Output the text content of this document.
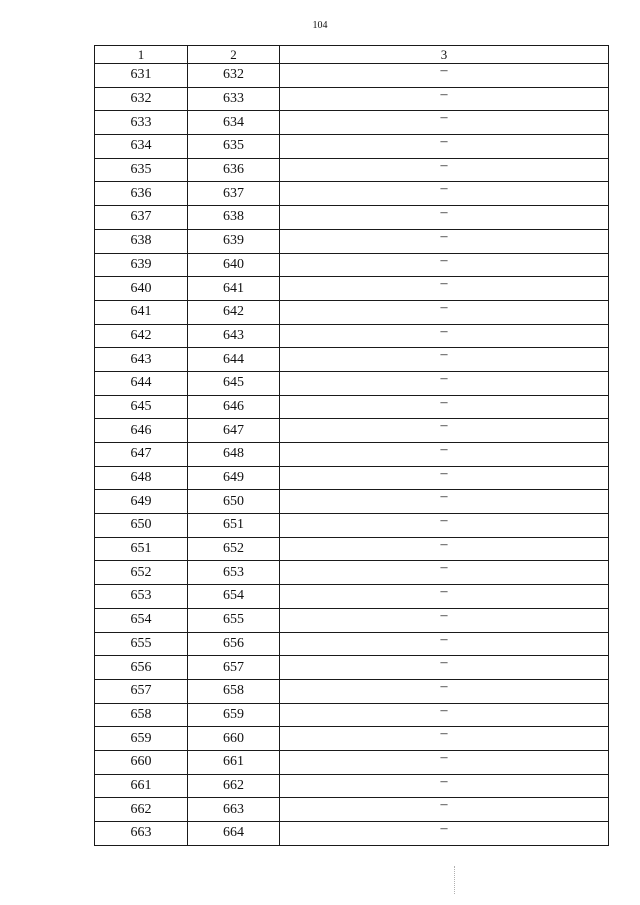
104
1	2	3
631	632	–
632	633	–
633	634	–
634	635	–
635	636	–
636	637	–
637	638	–
638	639	–
639	640	–
640	641	–
641	642	–
642	643	–
643	644	–
644	645	–
645	646	–
646	647	–
647	648	–
648	649	–
649	650	–
650	651	–
651	652	–
652	653	–
653	654	–
654	655	–
655	656	–
656	657	–
657	658	–
658	659	–
659	660	–
660	661	–
661	662	–
662	663	–
663	664	–
